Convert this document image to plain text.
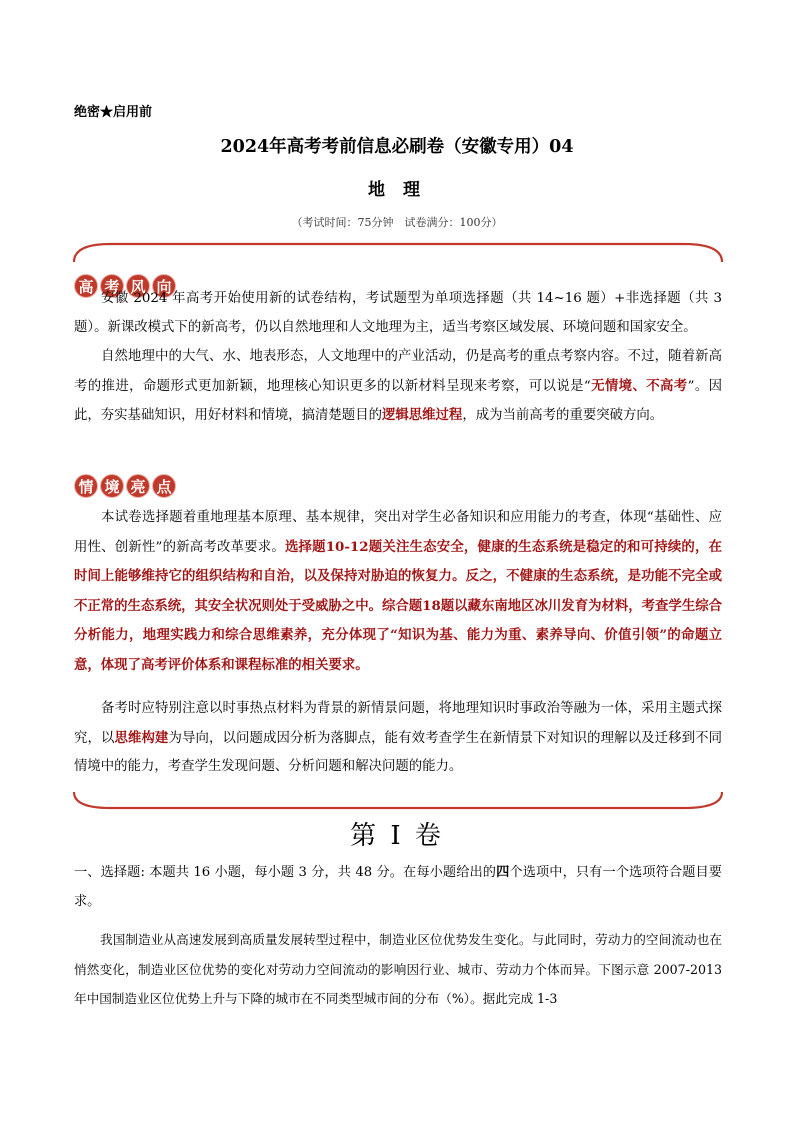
绝密★启用前
2024年高考考前信息必刷卷（安徽专用）04
地 理
（考试时间：75分钟　试卷满分：100分）
高 考 风 向
安徽 2024 年高考开始使用新的试卷结构，考试题型为单项选择题（共 14~16 题）+非选择题（共 3 题）。新课改模式下的新高考，仍以自然地理和人文地理为主，适当考察区域发展、环境问题和国家安全。
自然地理中的大气、水、地表形态，人文地理中的产业活动，仍是高考的重点考察内容。不过，随着新高考的推进，命题形式更加新颖，地理核心知识更多的以新材料呈现来考察，可以说是“无情境、不高考”。因此，夯实基础知识，用好材料和情境，搞清楚题目的逻辑思维过程，成为当前高考的重要突破方向。
情 境 亮 点
本试卷选择题着重地理基本原理、基本规律，突出对学生必备知识和应用能力的考查，体现“基础性、应用性、创新性”的新高考改革要求。选择题10-12题关注生态安全，健康的生态系统是稳定的和可持续的，在时间上能够维持它的组织结构和自治，以及保持对胁迫的恢复力。反之，不健康的生态系统，是功能不完全或不正常的生态系统，其安全状况则处于受威胁之中。综合题18题以藏东南地区冰川发育为材料，考查学生综合分析能力，地理实践力和综合思维素养，充分体现了“知识为基、能力为重、素养导向、价值引领”的命题立意，体现了高考评价体系和课程标准的相关要求。
备考时应特别注意以时事热点材料为背景的新情景问题，将地理知识时事政治等融为一体，采用主题式探究，以思维构建为导向，以问题成因分析为落脚点，能有效考查学生在新情景下对知识的理解以及迁移到不同情境中的能力，考查学生发现问题、分析问题和解决问题的能力。
第 I 卷
一、选择题: 本题共 16 小题，每小题 3 分，共 48 分。在每小题给出的四个选项中，只有一个选项符合题目要求。
我国制造业从高速发展到高质量发展转型过程中，制造业区位优势发生变化。与此同时，劳动力的空间流动也在悄然变化，制造业区位优势的变化对劳动力空间流动的影响因行业、城市、劳动力个体而异。下图示意 2007-2013 年中国制造业区位优势上升与下降的城市在不同类型城市间的分布（%）。据此完成 1-3
